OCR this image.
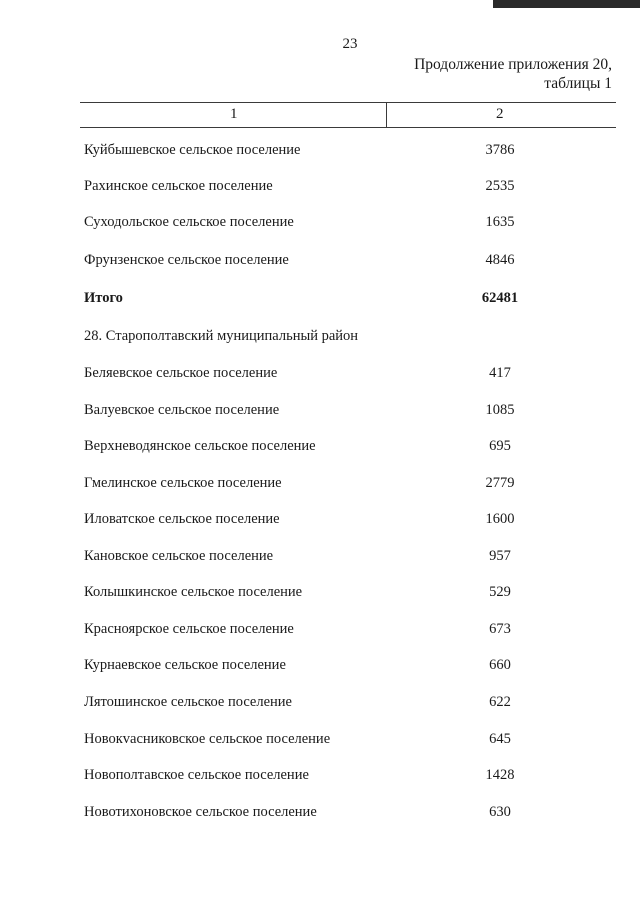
23
Продолжение приложения 20,
таблицы 1
1	2
Куйбышевское сельское поселение	3786
Рахинское сельское поселение	2535
Суходольское сельское поселение	1635
Фрунзенское сельское поселение	4846
Итого	62481
28. Старополтавский муниципальный район
Беляевское сельское поселение	417
Валуевское сельское поселение	1085
Верхневодянское сельское поселение	695
Гмелинское сельское поселение	2779
Иловатское сельское поселение	1600
Кановское сельское поселение	957
Колышкинское сельское поселение	529
Красноярское сельское поселение	673
Курнаевское сельское поселение	660
Лятошинское сельское поселение	622
Новокvасниковское сельское поселение	645
Новополтавское сельское поселение	1428
Новотихоновское сельское поселение	630
